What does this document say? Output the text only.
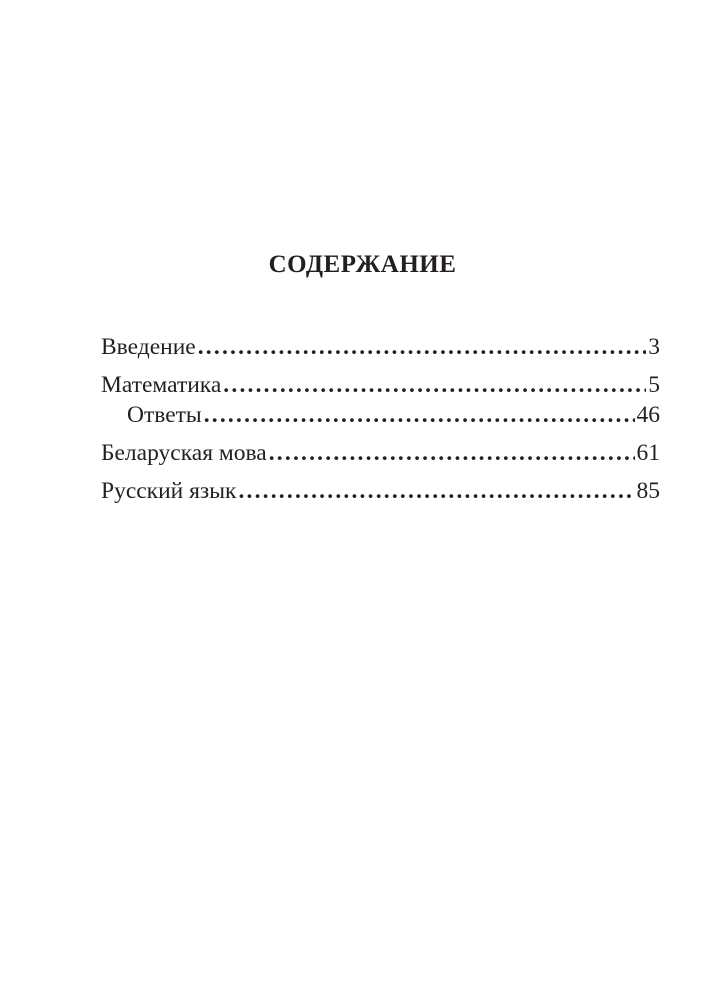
СОДЕРЖАНИЕ
Введение .....	3
Математика .....	5
Ответы .....	46
Беларуская мова .....	61
Русский язык .....	85
